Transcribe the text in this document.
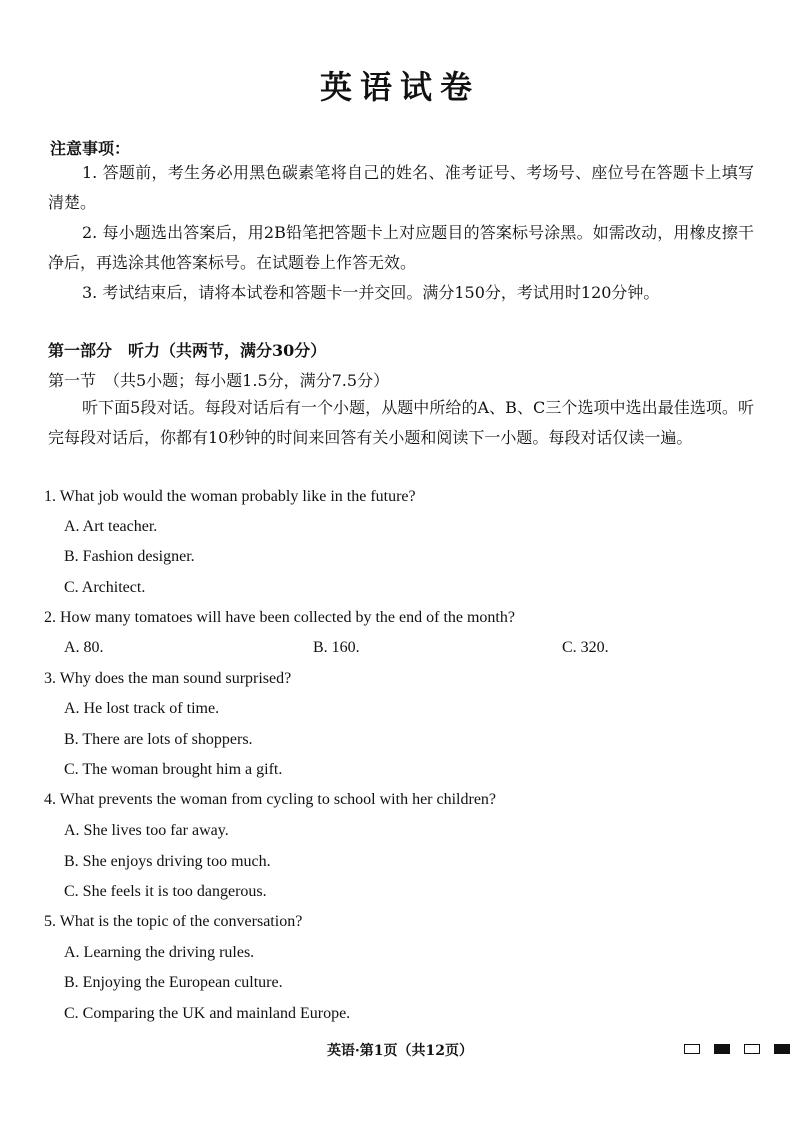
英语试卷
注意事项：
1. 答题前，考生务必用黑色碳素笔将自己的姓名、准考证号、考场号、座位号在答题卡上填写清楚。
2. 每小题选出答案后，用2B铅笔把答题卡上对应题目的答案标号涂黑。如需改动，用橡皮擦干净后，再选涂其他答案标号。在试题卷上作答无效。
3. 考试结束后，请将本试卷和答题卡一并交回。满分150分，考试用时120分钟。
第一部分　听力（共两节，满分30分）
第一节　（共5小题；每小题1.5分，满分7.5分）
听下面5段对话。每段对话后有一个小题，从题中所给的A、B、C三个选项中选出最佳选项。听完每段对话后，你都有10秒钟的时间来回答有关小题和阅读下一小题。每段对话仅读一遍。
1. What job would the woman probably like in the future?
A. Art teacher.
B. Fashion designer.
C. Architect.
2. How many tomatoes will have been collected by the end of the month?
A. 80.	B. 160.	C. 320.
3. Why does the man sound surprised?
A. He lost track of time.
B. There are lots of shoppers.
C. The woman brought him a gift.
4. What prevents the woman from cycling to school with her children?
A. She lives too far away.
B. She enjoys driving too much.
C. She feels it is too dangerous.
5. What is the topic of the conversation?
A. Learning the driving rules.
B. Enjoying the European culture.
C. Comparing the UK and mainland Europe.
英语·第1页（共12页）
